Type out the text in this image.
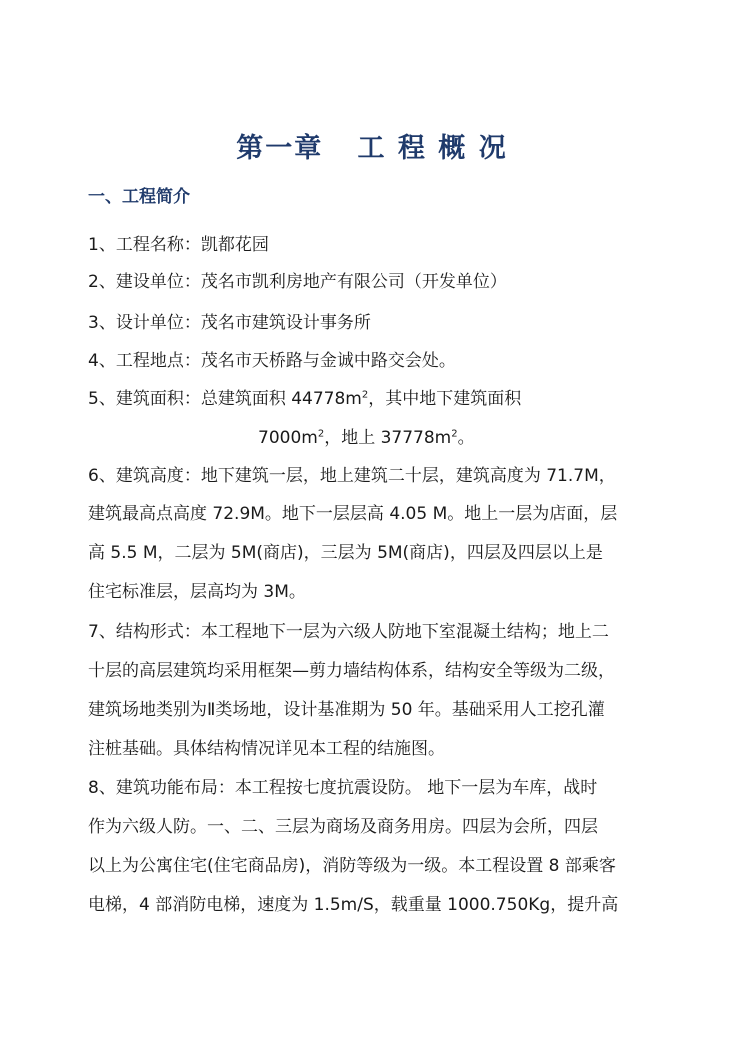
第一章   工 程 概 况
一、工程简介

1、工程名称：凯都花园

2、建设单位：茂名市凯利房地产有限公司（开发单位）

3、设计单位：茂名市建筑设计事务所

4、工程地点：茂名市天桥路与金诚中路交会处。

5、建筑面积：总建筑面积 $44778m^2$，其中地下建筑面积

$7000m^2$，地上 $37778m^2$。

6、建筑高度：地下建筑一层，地上建筑二十层，建筑高度为 71.7M，

建筑最高点高度 72.9M。地下一层层高 4.05 M。地上一层为店面，层

高 5.5 M，二层为 5M(商店)，三层为 5M(商店)，四层及四层以上是

住宅标准层，层高均为 3M。

7、结构形式：本工程地下一层为六级人防地下室混凝土结构；地上二

十层的高层建筑均采用框架—剪力墙结构体系，结构安全等级为二级，

建筑场地类别为Ⅱ类场地，设计基准期为 50 年。基础采用人工挖孔灌

注桩基础。具体结构情况详见本工程的结施图。

8、建筑功能布局：本工程按七度抗震设防。 地下一层为车库，战时

作为六级人防。一、二、三层为商场及商务用房。四层为会所，四层

以上为公寓住宅(住宅商品房)，消防等级为一级。本工程设置 8 部乘客

电梯，4 部消防电梯，速度为 1.5m/S，载重量 1000.750Kg，提升高
